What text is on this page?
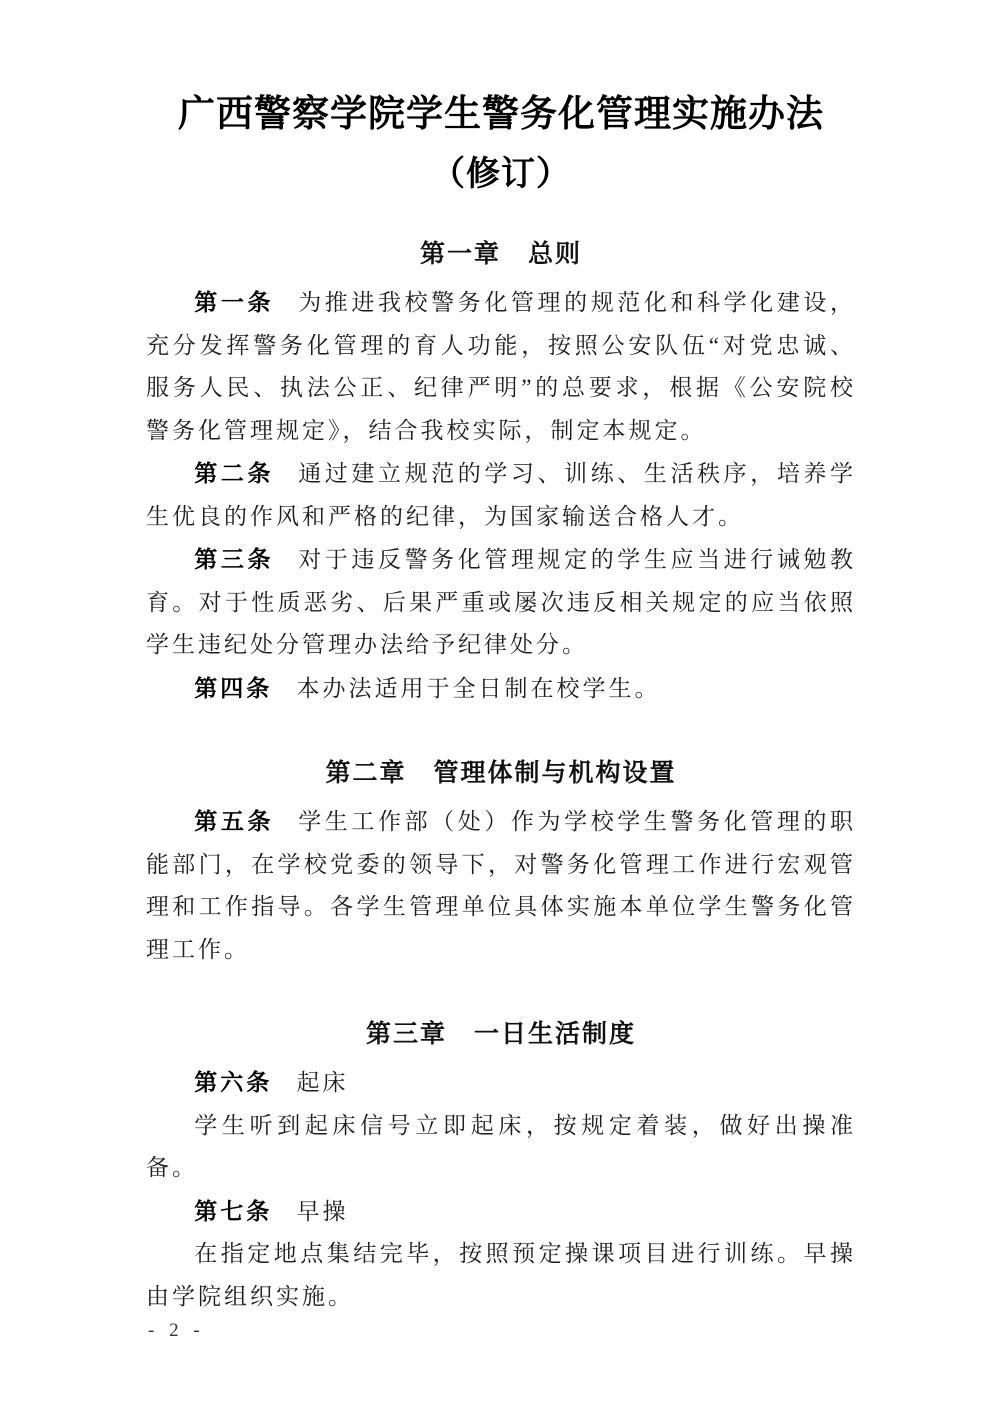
广西警察学院学生警务化管理实施办法
（修订）
第一章　总则

第一条 为推进我校警务化管理的规范化和科学化建设，充分发挥警务化管理的育人功能，按照公安队伍“对党忠诚、服务人民、执法公正、纪律严明”的总要求，根据《公安院校警务化管理规定》，结合我校实际，制定本规定。

第二条 通过建立规范的学习、训练、生活秩序，培养学生优良的作风和严格的纪律，为国家输送合格人才。

第三条 对于违反警务化管理规定的学生应当进行诫勉教育。对于性质恶劣、后果严重或屡次违反相关规定的应当依照学生违纪处分管理办法给予纪律处分。

第四条 本办法适用于全日制在校学生。

第二章　管理体制与机构设置

第五条 学生工作部（处）作为学校学生警务化管理的职能部门，在学校党委的领导下，对警务化管理工作进行宏观管理和工作指导。各学生管理单位具体实施本单位学生警务化管理工作。

第三章　一日生活制度

第六条 起床

学生听到起床信号立即起床，按规定着装，做好出操准备。

第七条 早操

在指定地点集结完毕，按照预定操课项目进行训练。早操由学院组织实施。

- 2 -
